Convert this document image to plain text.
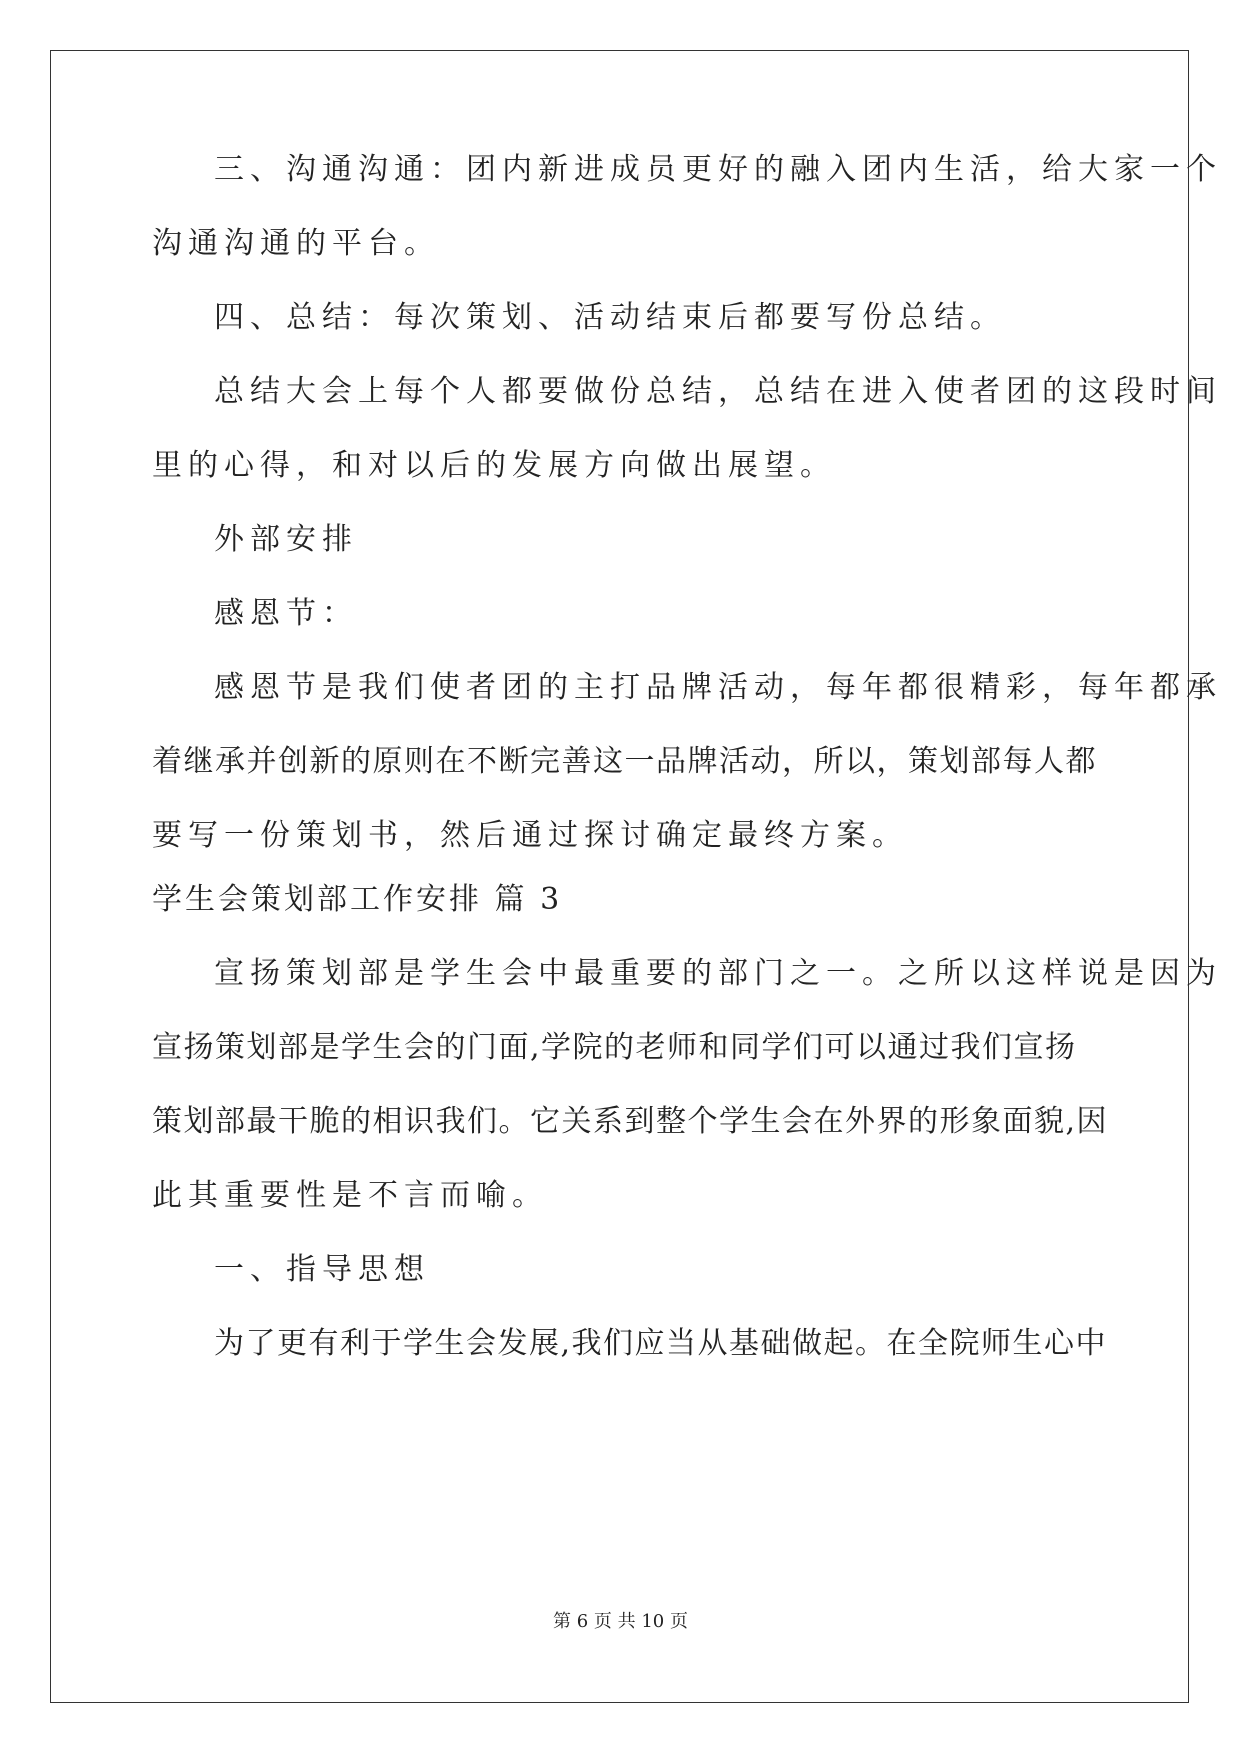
三、沟通沟通：团内新进成员更好的融入团内生活，给大家一个
沟通沟通的平台。
四、总结：每次策划、活动结束后都要写份总结。
总结大会上每个人都要做份总结，总结在进入使者团的这段时间
里的心得，和对以后的发展方向做出展望。
外部安排
感恩节：
感恩节是我们使者团的主打品牌活动，每年都很精彩，每年都承
着继承并创新的原则在不断完善这一品牌活动，所以，策划部每人都
要写一份策划书，然后通过探讨确定最终方案。
学生会策划部工作安排 篇 3
宣扬策划部是学生会中最重要的部门之一。之所以这样说是因为
宣扬策划部是学生会的门面,学院的老师和同学们可以通过我们宣扬
策划部最干脆的相识我们。它关系到整个学生会在外界的形象面貌,因
此其重要性是不言而喻。
一、指导思想
为了更有利于学生会发展,我们应当从基础做起。在全院师生心中
第 6 页 共 10 页
